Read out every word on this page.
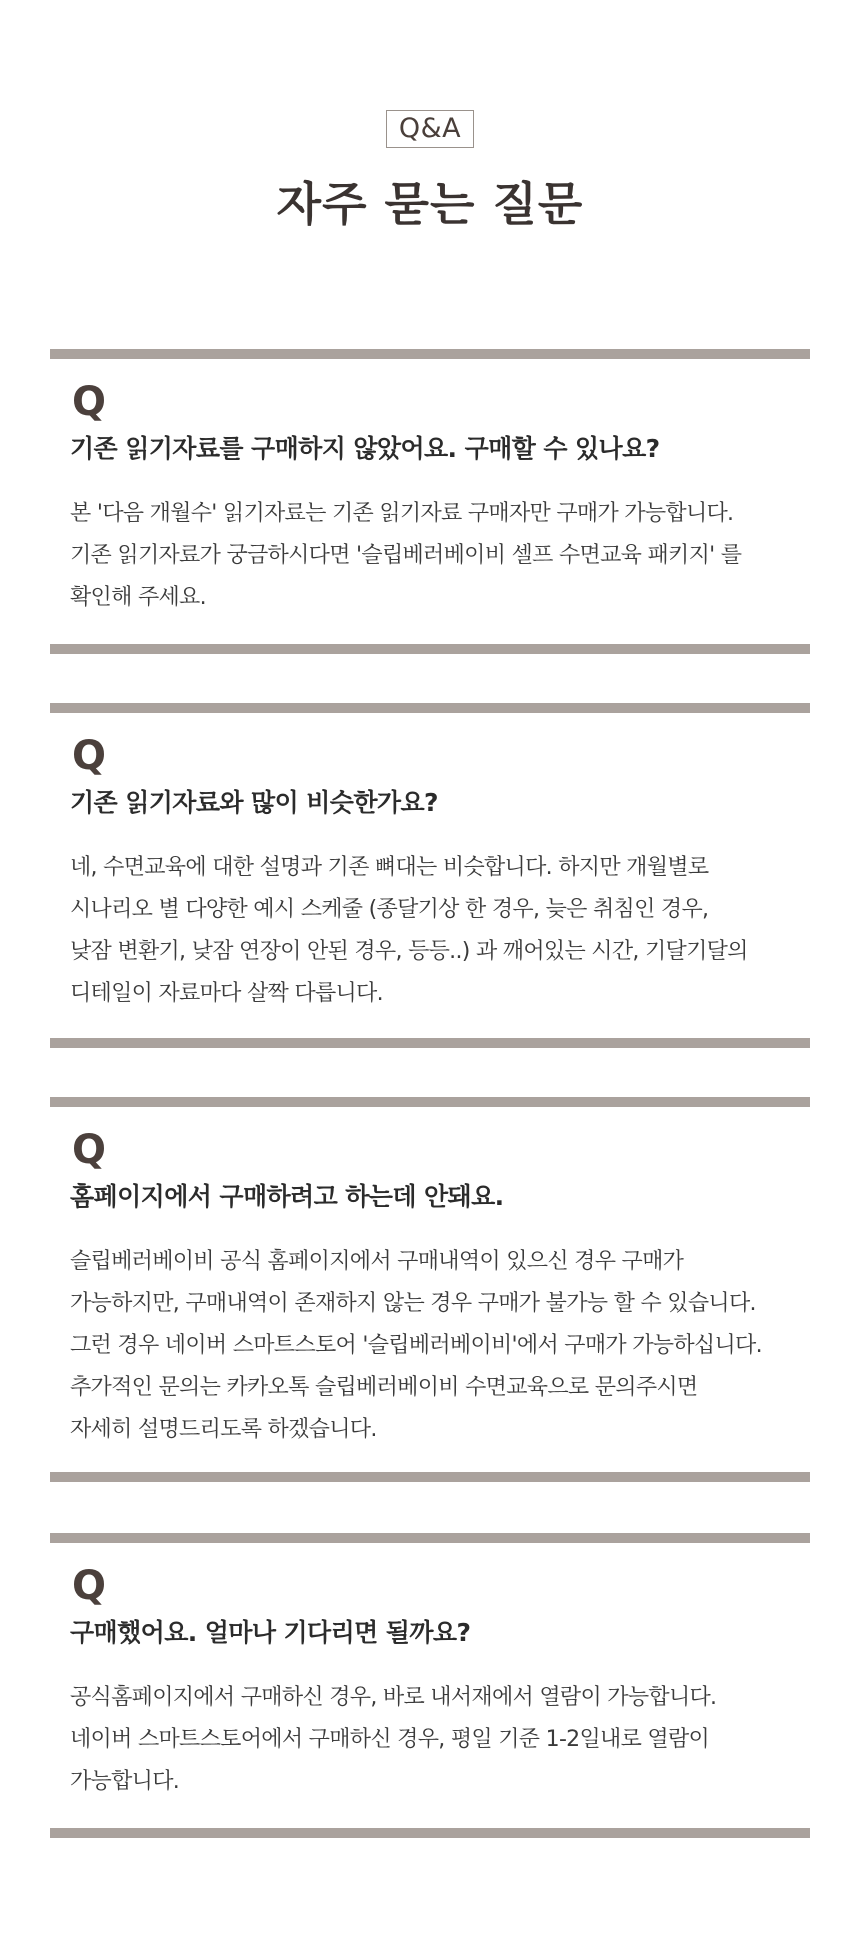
Q&A
자주 묻는 질문
Q
기존 읽기자료를 구매하지 않았어요. 구매할 수 있나요?
본 '다음 개월수' 읽기자료는 기존 읽기자료 구매자만 구매가 가능합니다.
기존 읽기자료가 궁금하시다면 '슬립베러베이비 셀프 수면교육 패키지' 를
확인해 주세요.
Q
기존 읽기자료와 많이 비슷한가요?
네, 수면교육에 대한 설명과 기존 뼈대는 비슷합니다. 하지만 개월별로
시나리오 별 다양한 예시 스케줄 (종달기상 한 경우, 늦은 취침인 경우,
낮잠 변환기, 낮잠 연장이 안된 경우, 등등..) 과 깨어있는 시간, 기달기달의
디테일이 자료마다 살짝 다릅니다.
Q
홈페이지에서 구매하려고 하는데 안돼요.
슬립베러베이비 공식 홈페이지에서 구매내역이 있으신 경우 구매가
가능하지만, 구매내역이 존재하지 않는 경우 구매가 불가능 할 수 있습니다.
그런 경우 네이버 스마트스토어 '슬립베러베이비'에서 구매가 가능하십니다.
추가적인 문의는 카카오톡 슬립베러베이비 수면교육으로 문의주시면
자세히 설명드리도록 하겠습니다.
Q
구매했어요. 얼마나 기다리면 될까요?
공식홈페이지에서 구매하신 경우, 바로 내서재에서 열람이 가능합니다.
네이버 스마트스토어에서 구매하신 경우, 평일 기준 1-2일내로 열람이
가능합니다.
